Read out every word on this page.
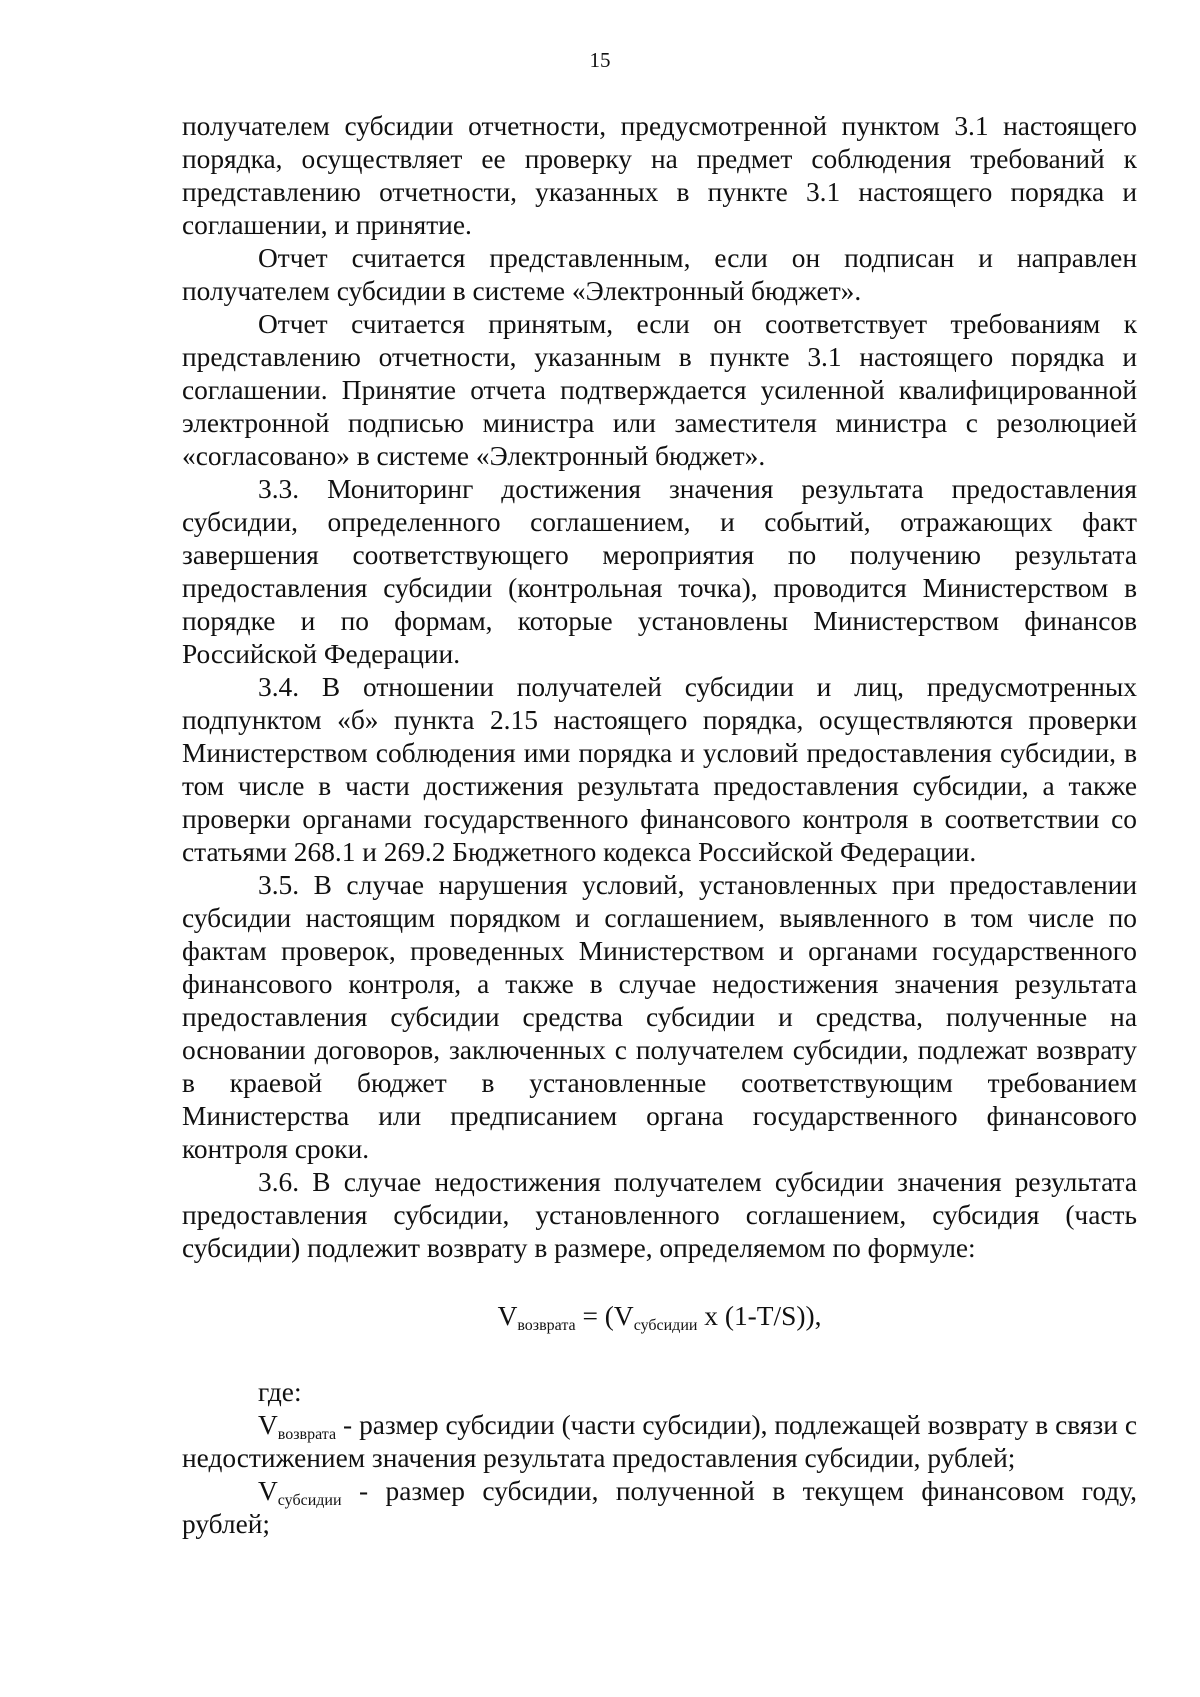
15

получателем субсидии отчетности, предусмотренной пунктом 3.1 настоящего порядка, осуществляет ее проверку на предмет соблюдения требований к представлению отчетности, указанных в пункте 3.1 настоящего порядка и соглашении, и принятие.

Отчет считается представленным, если он подписан и направлен получателем субсидии в системе «Электронный бюджет».

Отчет считается принятым, если он соответствует требованиям к представлению отчетности, указанным в пункте 3.1 настоящего порядка и соглашении. Принятие отчета подтверждается усиленной квалифицированной электронной подписью министра или заместителя министра с резолюцией «согласовано» в системе «Электронный бюджет».

3.3. Мониторинг достижения значения результата предоставления субсидии, определенного соглашением, и событий, отражающих факт завершения соответствующего мероприятия по получению результата предоставления субсидии (контрольная точка), проводится Министерством в порядке и по формам, которые установлены Министерством финансов Российской Федерации.

3.4. В отношении получателей субсидии и лиц, предусмотренных подпунктом «б» пункта 2.15 настоящего порядка, осуществляются проверки Министерством соблюдения ими порядка и условий предоставления субсидии, в том числе в части достижения результата предоставления субсидии, а также проверки органами государственного финансового контроля в соответствии со статьями 268.1 и 269.2 Бюджетного кодекса Российской Федерации.

3.5. В случае нарушения условий, установленных при предоставлении субсидии настоящим порядком и соглашением, выявленного в том числе по фактам проверок, проведенных Министерством и органами государственного финансового контроля, а также в случае недостижения значения результата предоставления субсидии средства субсидии и средства, полученные на основании договоров, заключенных с получателем субсидии, подлежат возврату в краевой бюджет в установленные соответствующим требованием Министерства или предписанием органа государственного финансового контроля сроки.

3.6. В случае недостижения получателем субсидии значения результата предоставления субсидии, установленного соглашением, субсидия (часть субсидии) подлежит возврату в размере, определяемом по формуле:

$V_{возврата} = (V_{субсидии}$ x (1-T/S)),

где:

$V_{возврата}$ - размер субсидии (части субсидии), подлежащей возврату в связи с недостижением значения результата предоставления субсидии, рублей;

$V_{субсидии}$ - размер субсидии, полученной в текущем финансовом году, рублей;
